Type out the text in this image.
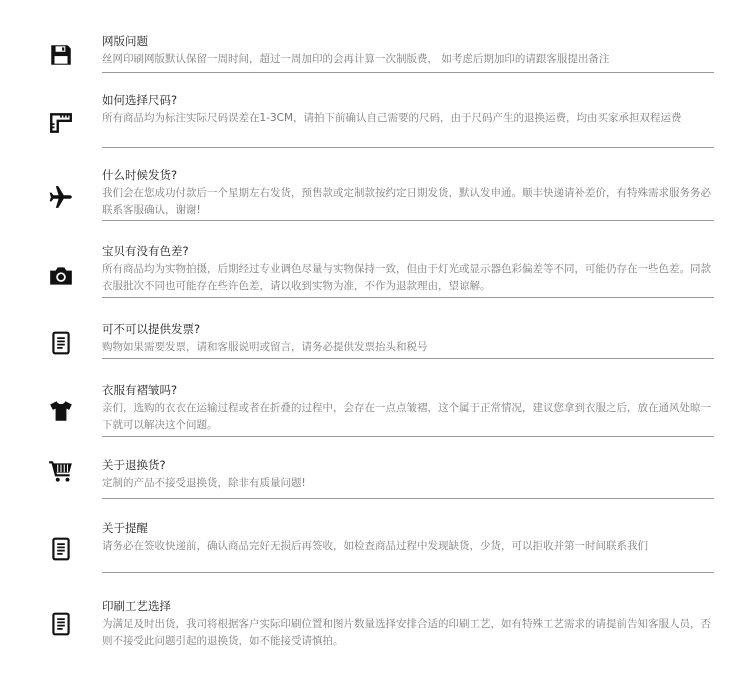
网版问题

丝网印刷网版默认保留一周时间，超过一周加印的会再计算一次制版费， 如考虑后期加印的请跟客服提出备注

如何选择尺码?

所有商品均为标注实际尺码误差在1-3CM，请拍下前确认自己需要的尺码，由于尺码产生的退换运费，均由买家承担双程运费

什么时候发货?

我们会在您成功付款后一个星期左右发货，预售款或定制款按约定日期发货，默认发申通。顺丰快递请补差价，有特殊需求服务务必联系客服确认，谢谢!

宝贝有没有色差?

所有商品均为实物拍摄，后期经过专业调色尽量与实物保持一致，但由于灯光或显示器色彩偏差等不同，可能仍存在一些色差。同款衣服批次不同也可能存在些许色差，请以收到实物为准，不作为退款理由，望谅解。

可不可以提供发票?

购物如果需要发票，请和客服说明或留言，请务必提供发票抬头和税号

衣服有褶皱吗?

亲们，选购的衣衣在运输过程或者在折叠的过程中，会存在一点点皱褶，这个属于正常情况，建议您拿到衣服之后，放在通风处晾一下就可以解决这个问题。

关于退换货?

定制的产品不接受退换货，除非有质量问题!

关于提醒

请务必在签收快递前，确认商品完好无损后再签收，如检查商品过程中发现缺货，少货，可以拒收并第一时间联系我们

印刷工艺选择

为满足及时出货，我司将根据客户实际印刷位置和图片数量选择安排合适的印刷工艺，如有特殊工艺需求的请提前告知客服人员，否则不接受此问题引起的退换货，如不能接受请慎拍。
